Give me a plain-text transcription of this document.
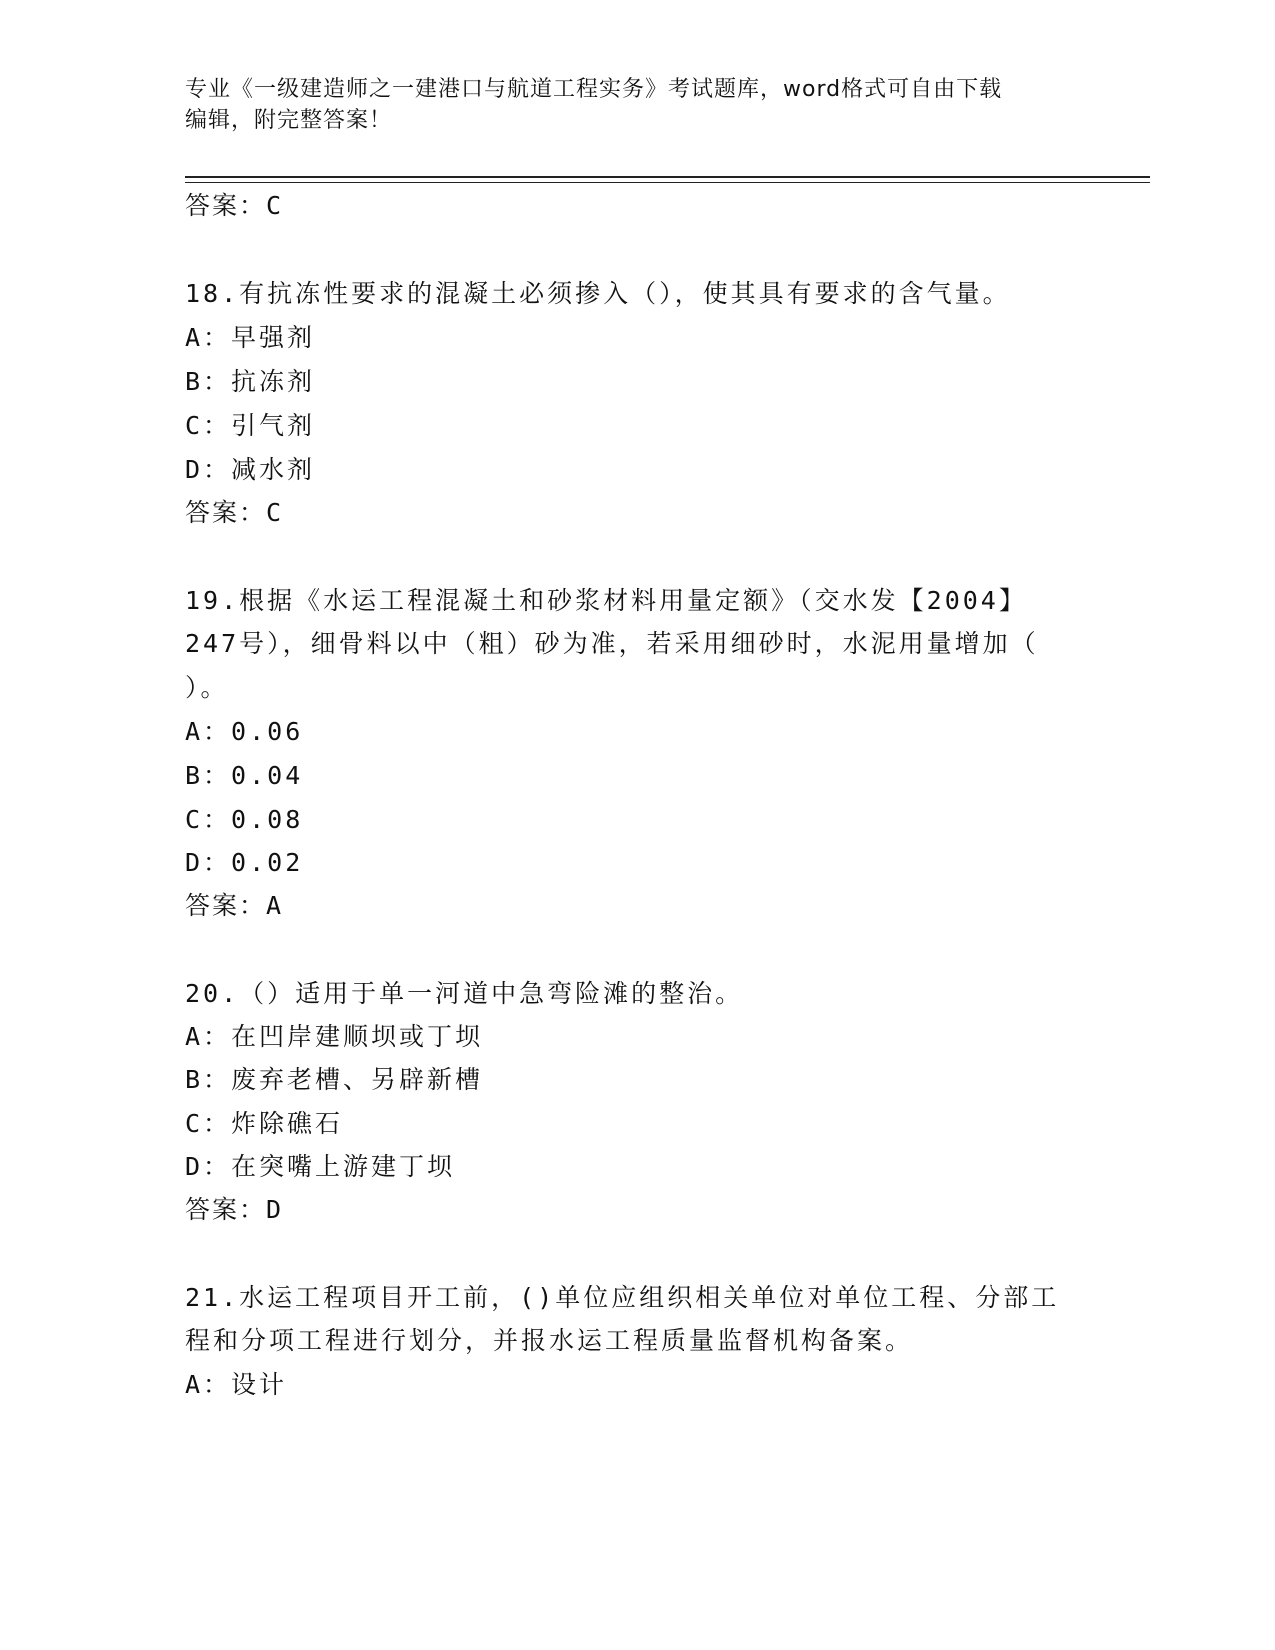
专业《一级建造师之一建港口与航道工程实务》考试题库，word格式可自由下载
编辑，附完整答案！
答案：C
18.有抗冻性要求的混凝土必须掺入（），使其具有要求的含气量。
A：早强剂
B：抗冻剂
C：引气剂
D：减水剂
答案：C
19.根据《水运工程混凝土和砂浆材料用量定额》（交水发【2004】
247号），细骨料以中（粗）砂为准，若采用细砂时，水泥用量增加（
）。
A：0.06
B：0.04
C：0.08
D：0.02
答案：A
20.（）适用于单一河道中急弯险滩的整治。
A：在凹岸建顺坝或丁坝
B：废弃老槽、另辟新槽
C：炸除礁石
D：在突嘴上游建丁坝
答案：D
21.水运工程项目开工前，()单位应组织相关单位对单位工程、分部工
程和分项工程进行划分，并报水运工程质量监督机构备案。
A：设计
